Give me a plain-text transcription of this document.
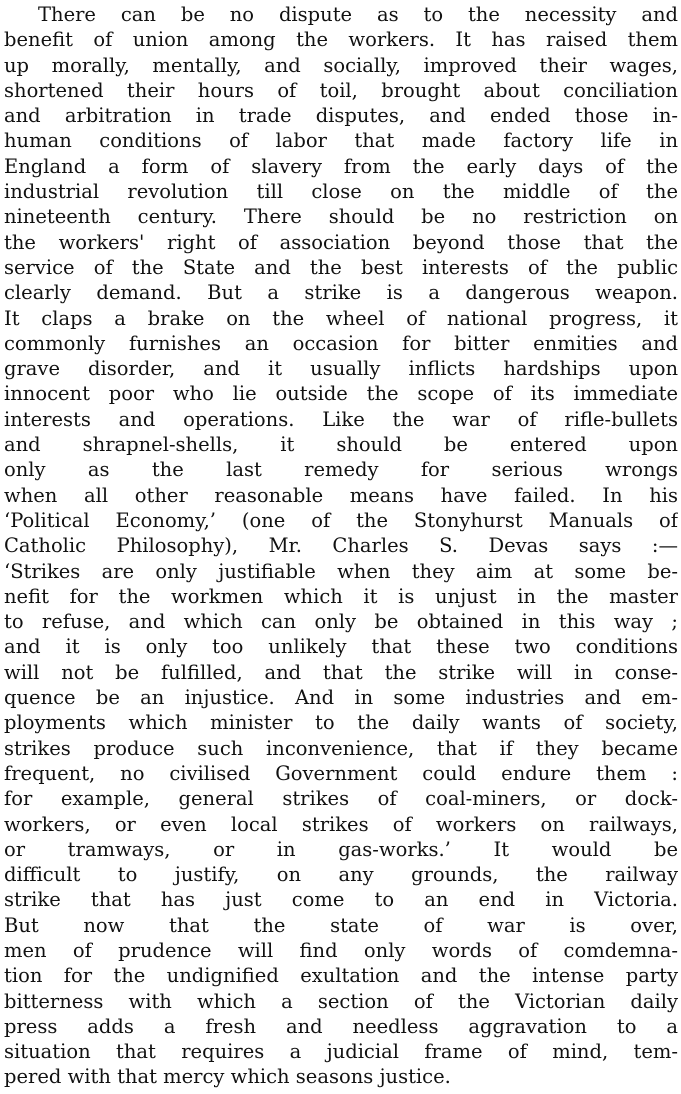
There can be no dispute as to the necessity and
benefit of union among the workers. It has raised them
up morally, mentally, and socially, improved their wages,
shortened their hours of toil, brought about conciliation
and arbitration in trade disputes, and ended those in-
human conditions of labor that made factory life in
England a form of slavery from the early days of the
industrial revolution till close on the middle of the
nineteenth century. There should be no restriction on
the workers' right of association beyond those that the
service of the State and the best interests of the public
clearly demand. But a strike is a dangerous weapon.
It claps a brake on the wheel of national progress, it
commonly furnishes an occasion for bitter enmities and
grave disorder, and it usually inflicts hardships upon
innocent poor who lie outside the scope of its immediate
interests and operations. Like the war of rifle-bullets
and shrapnel-shells, it should be entered upon
only as the last remedy for serious wrongs
when all other reasonable means have failed. In his
‘Political Economy,’ (one of the Stonyhurst Manuals of
Catholic Philosophy), Mr. Charles S. Devas says :—
‘Strikes are only justifiable when they aim at some be-
nefit for the workmen which it is unjust in the master
to refuse, and which can only be obtained in this way ;
and it is only too unlikely that these two conditions
will not be fulfilled, and that the strike will in conse-
quence be an injustice. And in some industries and em-
ployments which minister to the daily wants of society,
strikes produce such inconvenience, that if they became
frequent, no civilised Government could endure them :
for example, general strikes of coal-miners, or dock-
workers, or even local strikes of workers on railways,
or tramways, or in gas-works.’ It would be
difficult to justify, on any grounds, the railway
strike that has just come to an end in Victoria.
But now that the state of war is over,
men of prudence will find only words of comdemna-
tion for the undignified exultation and the intense party
bitterness with which a section of the Victorian daily
press adds a fresh and needless aggravation to a
situation that requires a judicial frame of mind, tem-
pered with that mercy which seasons justice.
